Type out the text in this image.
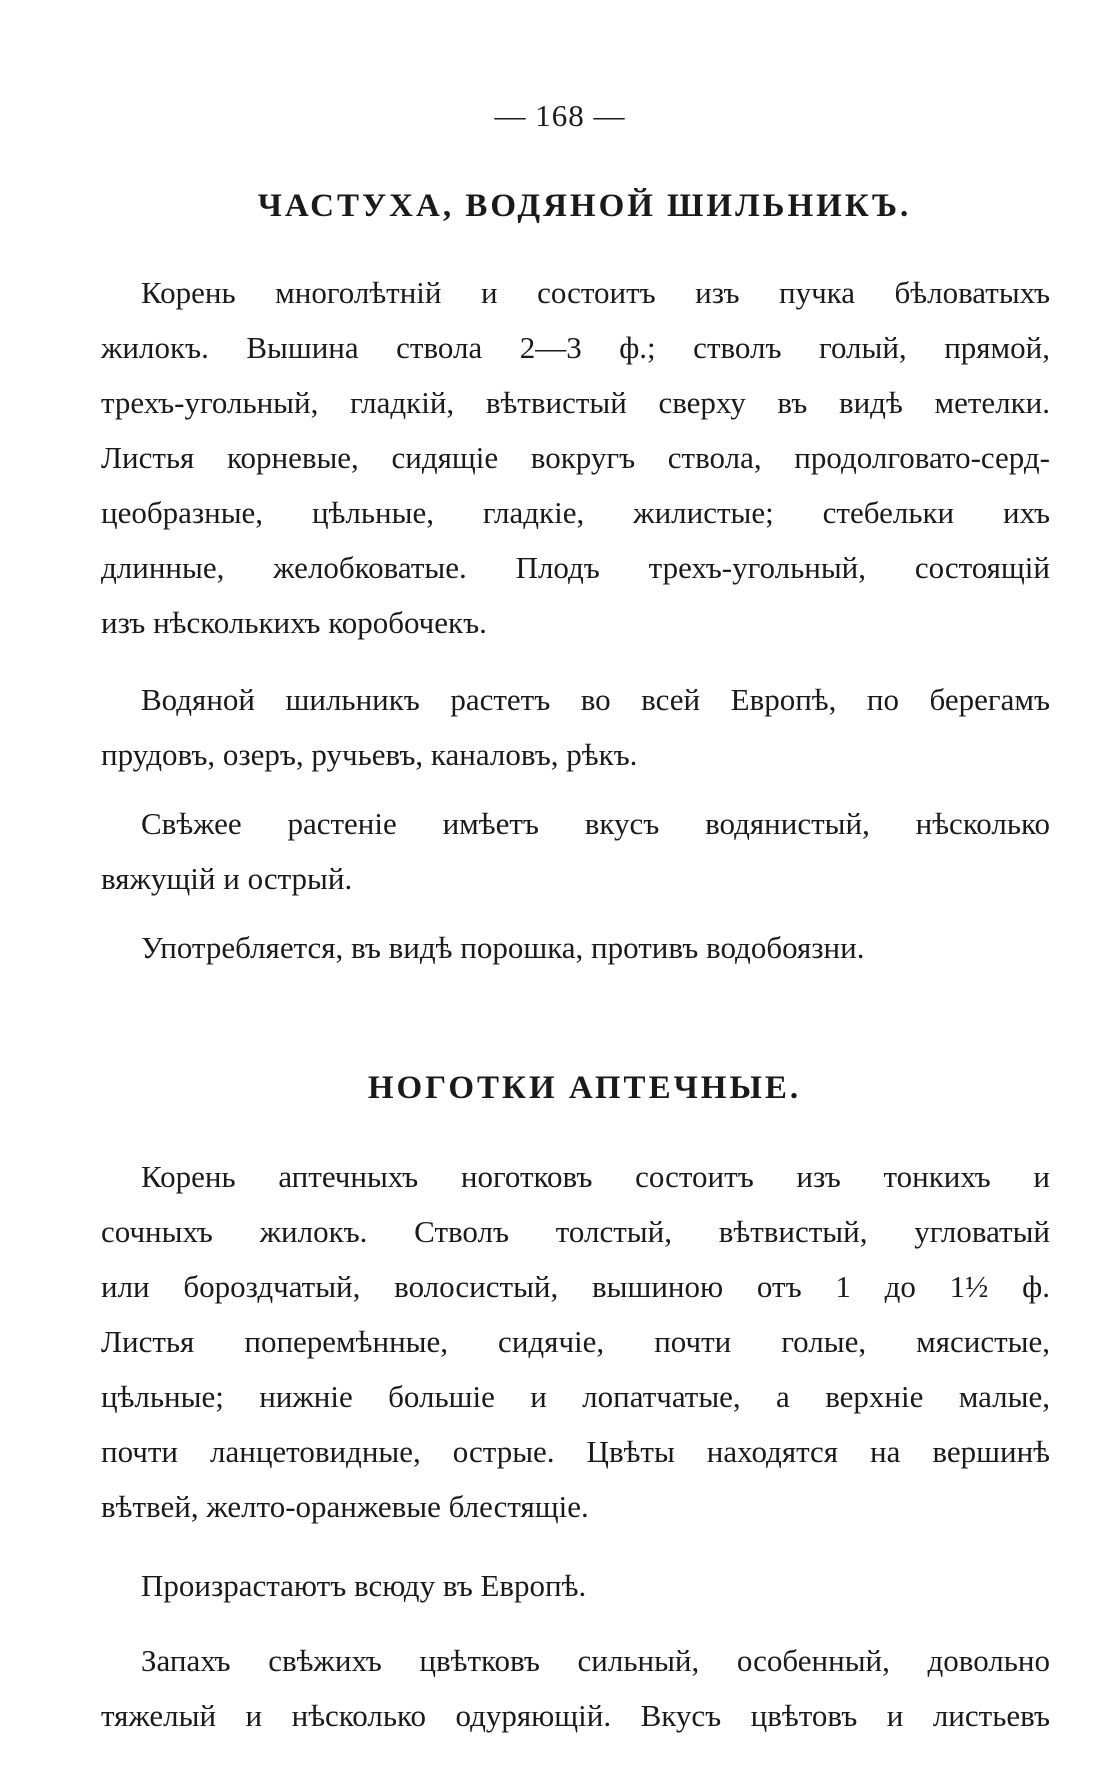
— 168 —
ЧАСТУХА, ВОДЯНОЙ ШИЛЬНИКЪ.
Корень многолѣтній и состоитъ изъ пучка бѣловатыхъ
жилокъ. Вышина ствола 2—3 ф.; стволъ голый, прямой,
трехъ-угольный, гладкій, вѣтвистый сверху въ видѣ метелки.
Листья корневые, сидящіе вокругъ ствола, продолговато-серд-
цеобразные, цѣльные, гладкіе, жилистые; стебельки ихъ
длинные, желобковатые. Плодъ трехъ-угольный, состоящій
изъ нѣсколькихъ коробочекъ.
Водяной шильникъ растетъ во всей Европѣ, по берегамъ
прудовъ, озеръ, ручьевъ, каналовъ, рѣкъ.
Свѣжее растеніе имѣетъ вкусъ водянистый, нѣсколько
вяжущій и острый.
Употребляется, въ видѣ порошка, противъ водобоязни.
НОГОТКИ АПТЕЧНЫЕ.
Корень аптечныхъ ноготковъ состоитъ изъ тонкихъ и
сочныхъ жилокъ. Стволъ толстый, вѣтвистый, угловатый
или бороздчатый, волосистый, вышиною отъ 1 до 1½ ф.
Листья поперемѣнные, сидячіе, почти голые, мясистые,
цѣльные; нижніе большіе и лопатчатые, а верхніе малые,
почти ланцетовидные, острые. Цвѣты находятся на вершинѣ
вѣтвей, желто-оранжевые блестящіе.
Произрастаютъ всюду въ Европѣ.
Запахъ свѣжихъ цвѣтковъ сильный, особенный, довольно
тяжелый и нѣсколько одуряющій. Вкусъ цвѣтовъ и листьевъ
